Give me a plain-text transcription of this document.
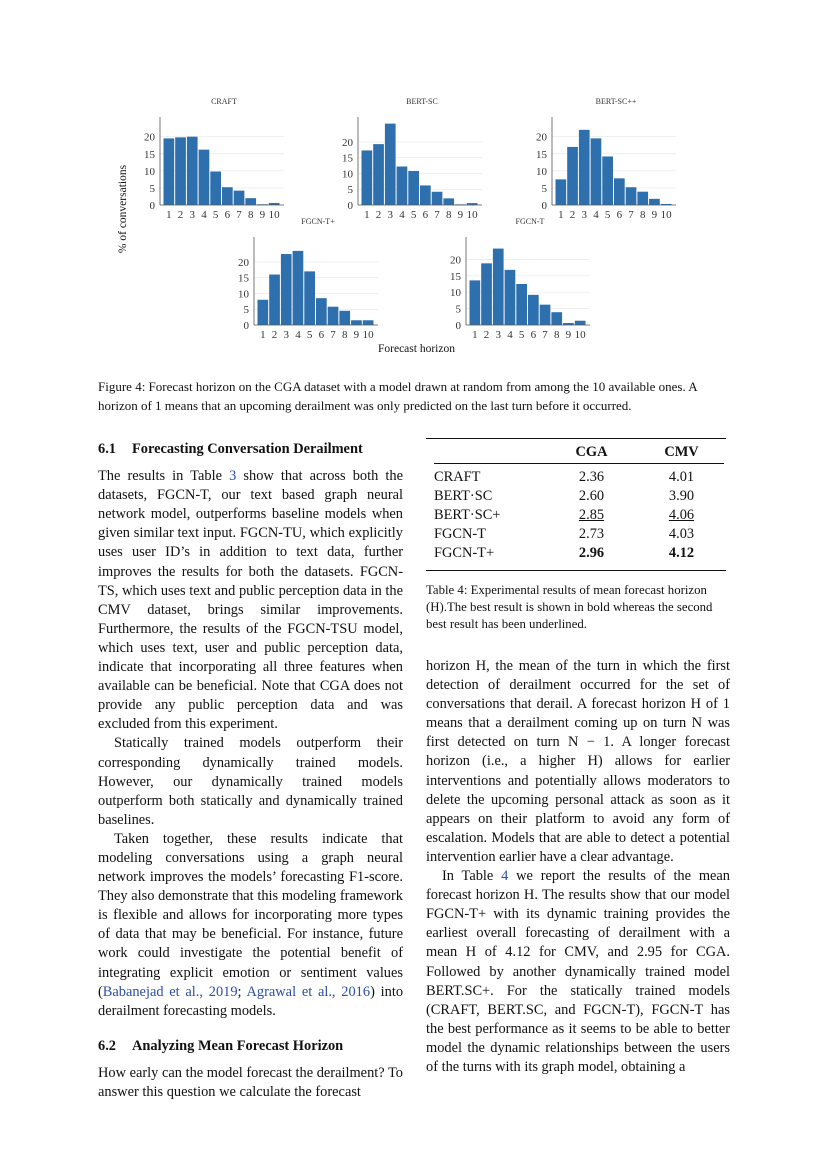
% of conversations
CRAFT
0
5
10
15
20
1 2 3 4 5 6 7 8 9 10
BERT-SC
0
5
10
15
20
1 2 3 4 5 6 7 8 9 10
BERT-SC++
0
5
10
15
20
1 2 3 4 5 6 7 8 9 10
FGCN-T+
0
5
10
15
20
1 2 3 4 5 6 7 8 9 10
FGCN-T
0
5
10
15
20
1 2 3 4 5 6 7 8 9 10
Forecast horizon
Figure 4: Forecast horizon on the CGA dataset with a model drawn at random from among the 10 available ones. A horizon of 1 means that an upcoming derailment was only predicted on the last turn before it occurred.
6.1 Forecasting Conversation Derailment

The results in Table 3 show that across both the datasets, FGCN-T, our text based graph neural network model, outperforms baseline models when given similar text input. FGCN-TU, which explicitly uses user ID’s in addition to text data, further improves the results for both the datasets. FGCN-TS, which uses text and public perception data in the CMV dataset, brings similar improvements. Furthermore, the results of the FGCN-TSU model, which uses text, user and public perception data, indicate that incorporating all three features when available can be beneficial. Note that CGA does not provide any public perception data and was excluded from this experiment.

Statically trained models outperform their corresponding dynamically trained models. However, our dynamically trained models outperform both statically and dynamically trained baselines.

Taken together, these results indicate that modeling conversations using a graph neural network improves the models’ forecasting F1-score. They also demonstrate that this modeling framework is flexible and allows for incorporating more types of data that may be beneficial. For instance, future work could investigate the potential benefit of integrating explicit emotion or sentiment values (Babanejad et al., 2019; Agrawal et al., 2016) into derailment forecasting models.

6.2 Analyzing Mean Forecast Horizon

How early can the model forecast the derailment? To answer this question we calculate the forecast

	CGA	CMV

CRAFT	2.36	4.01
BERT·SC	2.60	3.90
BERT·SC+	2.85	4.06
FGCN-T	2.73	4.03
FGCN-T+	2.96	4.12
Table 4: Experimental results of mean forecast horizon (H).The best result is shown in bold whereas the second best result has been underlined.

horizon H, the mean of the turn in which the first detection of derailment occurred for the set of conversations that derail. A forecast horizon H of 1 means that a derailment coming up on turn N was first detected on turn N − 1. A longer forecast horizon (i.e., a higher H) allows for earlier interventions and potentially allows moderators to delete the upcoming personal attack as soon as it appears on their platform to avoid any form of escalation. Models that are able to detect a potential intervention earlier have a clear advantage.

In Table 4 we report the results of the mean forecast horizon H. The results show that our model FGCN-T+ with its dynamic training provides the earliest overall forecasting of derailment with a mean H of 4.12 for CMV, and 2.95 for CGA. Followed by another dynamically trained model BERT.SC+. For the statically trained models (CRAFT, BERT.SC, and FGCN-T), FGCN-T has the best performance as it seems to be able to better model the dynamic relationships between the users of the turns with its graph model, obtaining a
